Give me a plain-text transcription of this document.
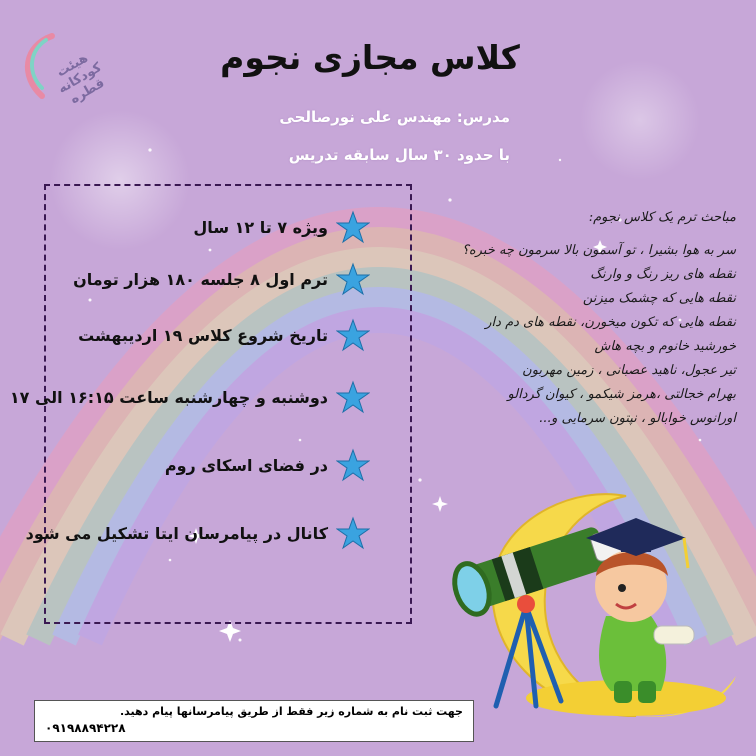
هیئت کودکانه قطره
کلاس مجازی نجوم
مدرس: مهندس علی نورصالحی
با حدود ۳۰ سال سابقه تدریس
ویژه ۷ تا ۱۲ سال
ترم اول ۸ جلسه ۱۸۰ هزار تومان
تاریخ شروع کلاس ۱۹ اردیبهشت
دوشنبه و چهارشنبه ساعت ۱۶:۱۵ الی ۱۷
در فضای اسکای روم
کانال در پیامرسان ایتا تشکیل می شود
مباحث ترم یک کلاس نجوم:
سر به هوا بشیرا ، تو آسمون بالا سرمون چه خبره؟
نقطه های ریز رنگ و وارنگ
نقطه هایی که چشمک میزنن
نقطه هایی که تکون میخورن، نقطه های دم دار
خورشید خانوم و بچه هاش
تیر عجول، ناهید عصبانی ، زمین مهربون
بهرام خجالتی ،هرمز شیکمو ، کیوان گردالو
اورانوس خوابالو ، نپتون سرمایی و...
جهت ثبت نام به شماره زیر فقط از طریق پیامرسانها پیام دهید.
۰۹۱۹۸۸۹۴۲۲۸
